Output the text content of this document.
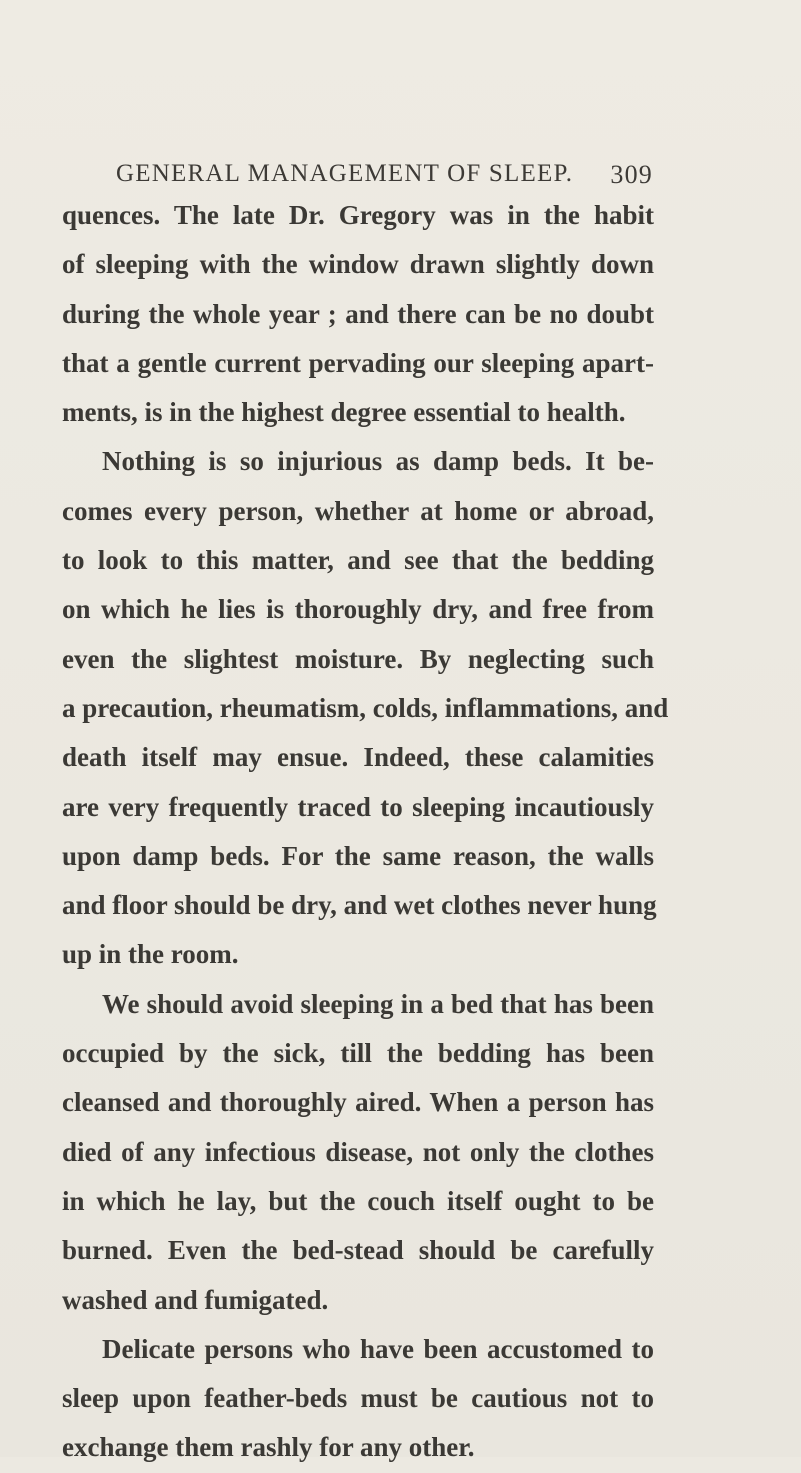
GENERAL MANAGEMENT OF SLEEP. 309
quences. The late Dr. Gregory was in the habit
of sleeping with the window drawn slightly down
during the whole year ; and there can be no doubt
that a gentle current pervading our sleeping apart-
ments, is in the highest degree essential to health.
Nothing is so injurious as damp beds. It be-
comes every person, whether at home or abroad,
to look to this matter, and see that the bedding
on which he lies is thoroughly dry, and free from
even the slightest moisture. By neglecting such
a precaution, rheumatism, colds, inflammations, and
death itself may ensue. Indeed, these calamities
are very frequently traced to sleeping incautiously
upon damp beds. For the same reason, the walls
and floor should be dry, and wet clothes never hung
up in the room.
We should avoid sleeping in a bed that has been
occupied by the sick, till the bedding has been
cleansed and thoroughly aired. When a person has
died of any infectious disease, not only the clothes
in which he lay, but the couch itself ought to be
burned. Even the bed-stead should be carefully
washed and fumigated.
Delicate persons who have been accustomed to
sleep upon feather-beds must be cautious not to
exchange them rashly for any other.
